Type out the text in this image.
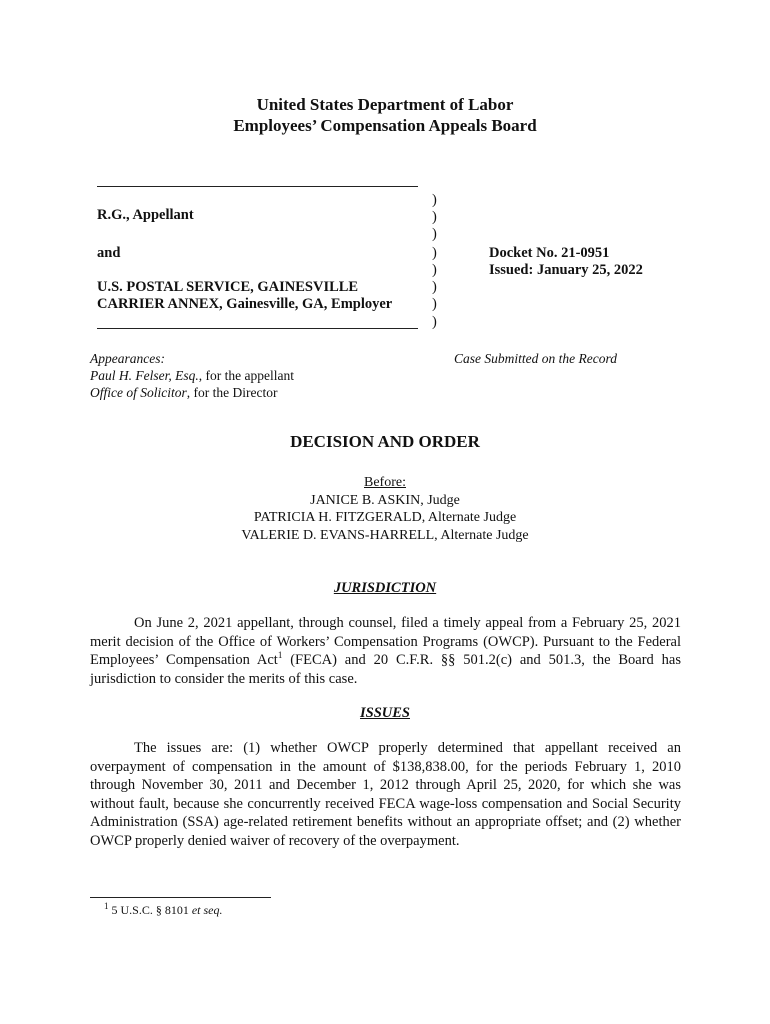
United States Department of Labor
Employees’ Compensation Appeals Board
R.G., Appellant
and
U.S. POSTAL SERVICE, GAINESVILLE
CARRIER ANNEX, Gainesville, GA, Employer
)
)
)
)
)
)
)
)
Docket No. 21-0951
Issued: January 25, 2022
Appearances:
Paul H. Felser, Esq., for the appellant
Office of Solicitor, for the Director
Case Submitted on the Record
DECISION AND ORDER
Before:
JANICE B. ASKIN, Judge
PATRICIA H. FITZGERALD, Alternate Judge
VALERIE D. EVANS-HARRELL, Alternate Judge
JURISDICTION
On June 2, 2021 appellant, through counsel, filed a timely appeal from a February 25, 2021 merit decision of the Office of Workers’ Compensation Programs (OWCP). Pursuant to the Federal Employees’ Compensation Act$^1$ (FECA) and 20 C.F.R. §§ 501.2(c) and 501.3, the Board has jurisdiction to consider the merits of this case.
ISSUES
The issues are: (1) whether OWCP properly determined that appellant received an overpayment of compensation in the amount of $138,838.00, for the periods February 1, 2010 through November 30, 2011 and December 1, 2012 through April 25, 2020, for which she was without fault, because she concurrently received FECA wage-loss compensation and Social Security Administration (SSA) age-related retirement benefits without an appropriate offset; and (2) whether OWCP properly denied waiver of recovery of the overpayment.
$^1$ 5 U.S.C. § 8101 et seq.
